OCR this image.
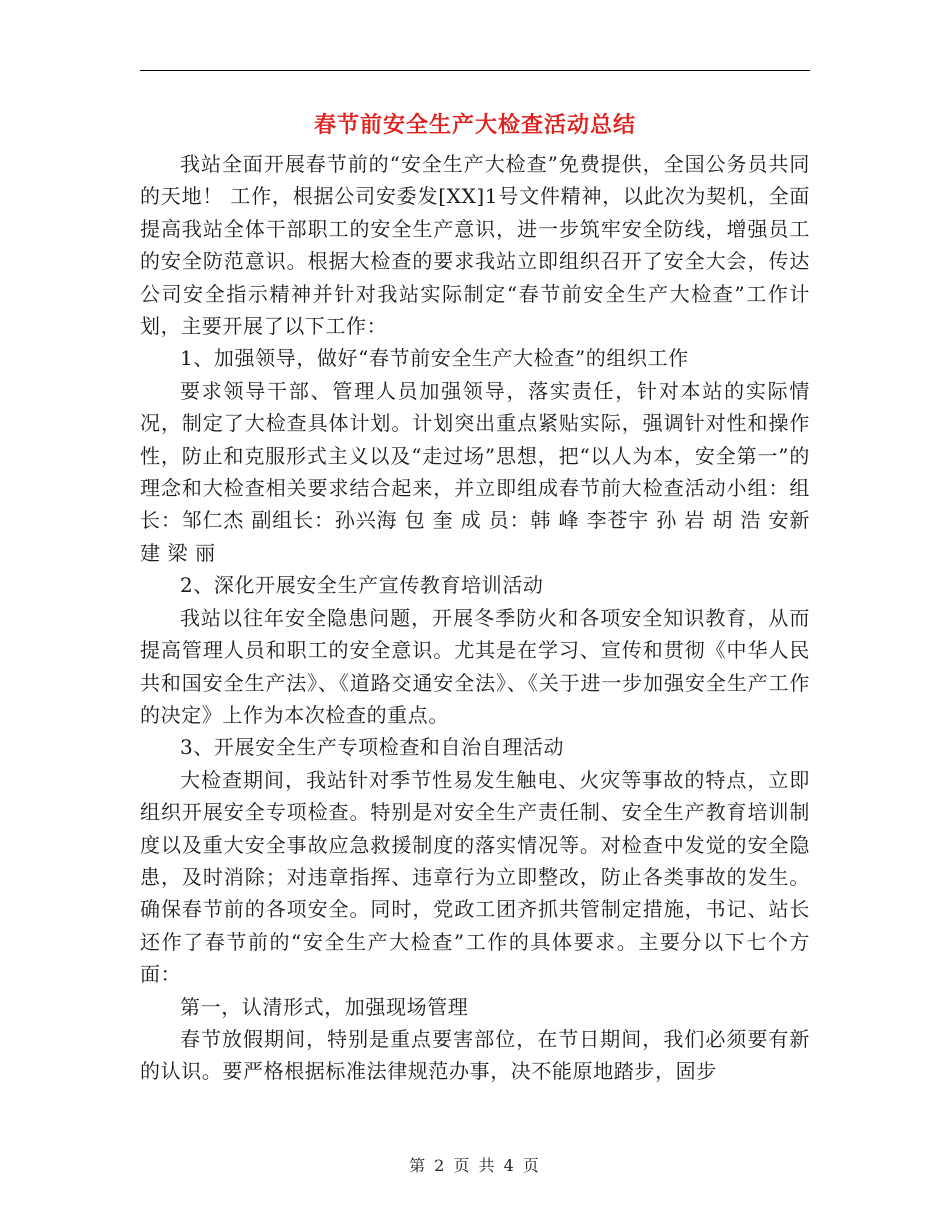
春节前安全生产大检查活动总结

我站全面开展春节前的“安全生产大检查”免费提供，全国公务员共同的天地！ 工作，根据公司安委发[XX]1号文件精神，以此次为契机，全面提高我站全体干部职工的安全生产意识，进一步筑牢安全防线，增强员工的安全防范意识。根据大检查的要求我站立即组织召开了安全大会，传达公司安全指示精神并针对我站实际制定“春节前安全生产大检查”工作计划，主要开展了以下工作：

1、加强领导，做好“春节前安全生产大检查”的组织工作

要求领导干部、管理人员加强领导，落实责任，针对本站的实际情况，制定了大检查具体计划。计划突出重点紧贴实际，强调针对性和操作性，防止和克服形式主义以及“走过场”思想，把“以人为本，安全第一”的理念和大检查相关要求结合起来，并立即组成春节前大检查活动小组：组长：邹仁杰 副组长：孙兴海 包 奎 成 员：韩 峰 李苍宇 孙 岩 胡 浩 安新建 梁 丽

2、深化开展安全生产宣传教育培训活动

我站以往年安全隐患问题，开展冬季防火和各项安全知识教育，从而提高管理人员和职工的安全意识。尤其是在学习、宣传和贯彻《中华人民共和国安全生产法》、《道路交通安全法》、《关于进一步加强安全生产工作的决定》上作为本次检查的重点。

3、开展安全生产专项检查和自治自理活动

大检查期间，我站针对季节性易发生触电、火灾等事故的特点，立即组织开展安全专项检查。特别是对安全生产责任制、安全生产教育培训制度以及重大安全事故应急救援制度的落实情况等。对检查中发觉的安全隐患，及时消除；对违章指挥、违章行为立即整改，防止各类事故的发生。确保春节前的各项安全。同时，党政工团齐抓共管制定措施，书记、站长还作了春节前的“安全生产大检查”工作的具体要求。主要分以下七个方面：

第一，认清形式，加强现场管理

春节放假期间，特别是重点要害部位，在节日期间，我们必须要有新的认识。要严格根据标准法律规范办事，决不能原地踏步，固步

第 2 页 共 4 页
